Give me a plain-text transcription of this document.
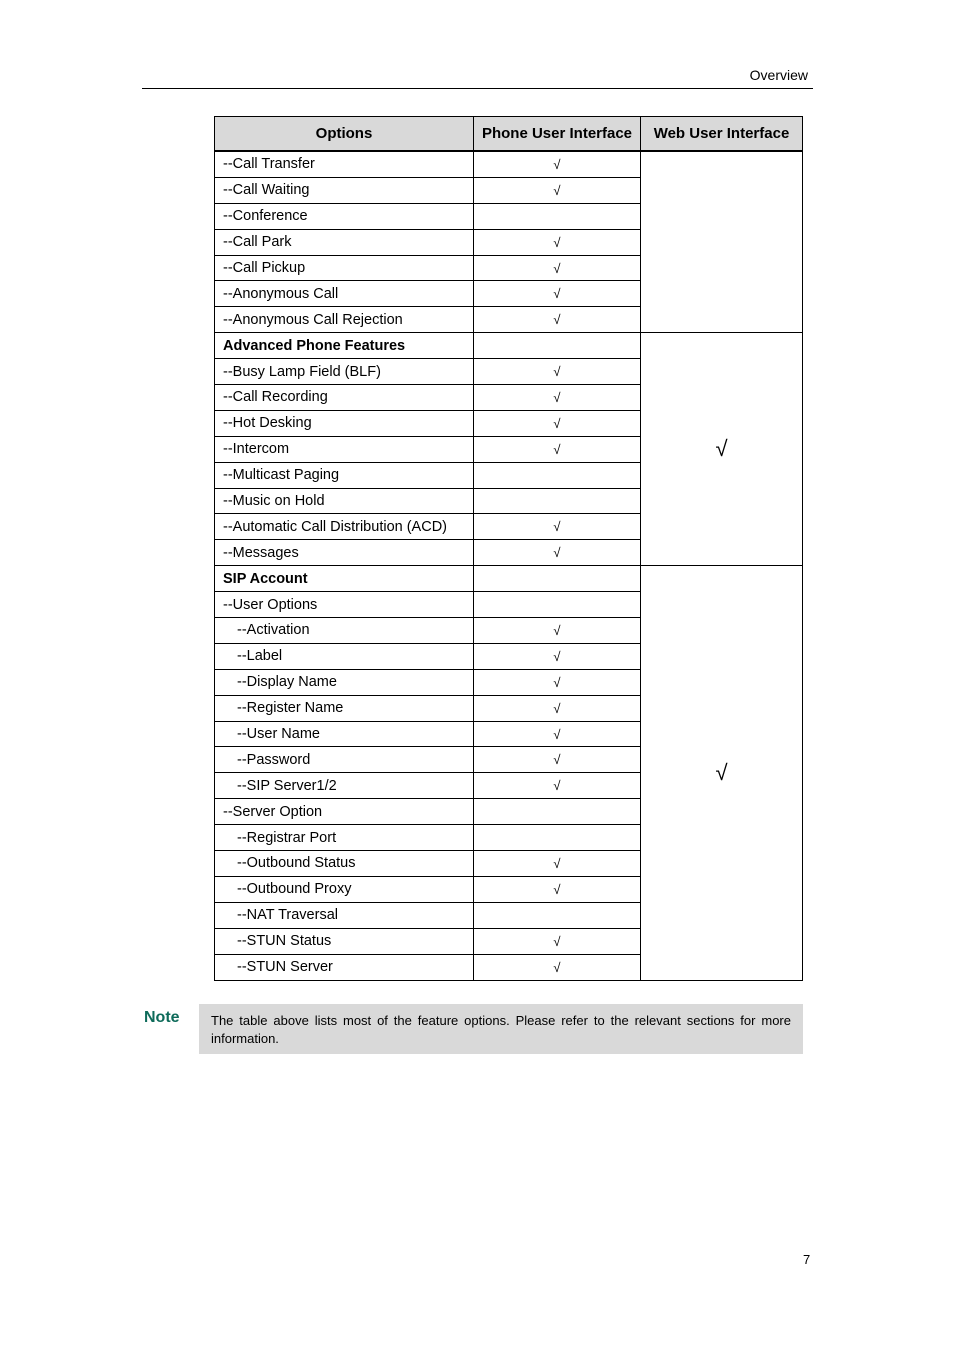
Overview
Options	Phone User Interface	Web User Interface
--Call Transfer	√	
--Call Waiting	√	
--Conference		
--Call Park	√	
--Call Pickup	√	
--Anonymous Call	√	
--Anonymous Call Rejection	√	
Advanced Phone Features		√
--Busy Lamp Field (BLF)	√	
--Call Recording	√	
--Hot Desking	√	
--Intercom	√	
--Multicast Paging		
--Music on Hold		
--Automatic Call Distribution (ACD)	√	
--Messages	√	
SIP Account		√
--User Options		
--Activation	√	
--Label	√	
--Display Name	√	
--Register Name	√	
--User Name	√	
--Password	√	
--SIP Server1/2	√	
--Server Option		
--Registrar Port		
--Outbound Status	√	
--Outbound Proxy	√	
--NAT Traversal		
--STUN Status	√	
--STUN Server	√	
Note	The table above lists most of the feature options. Please refer to the relevant sections for more information.
7
